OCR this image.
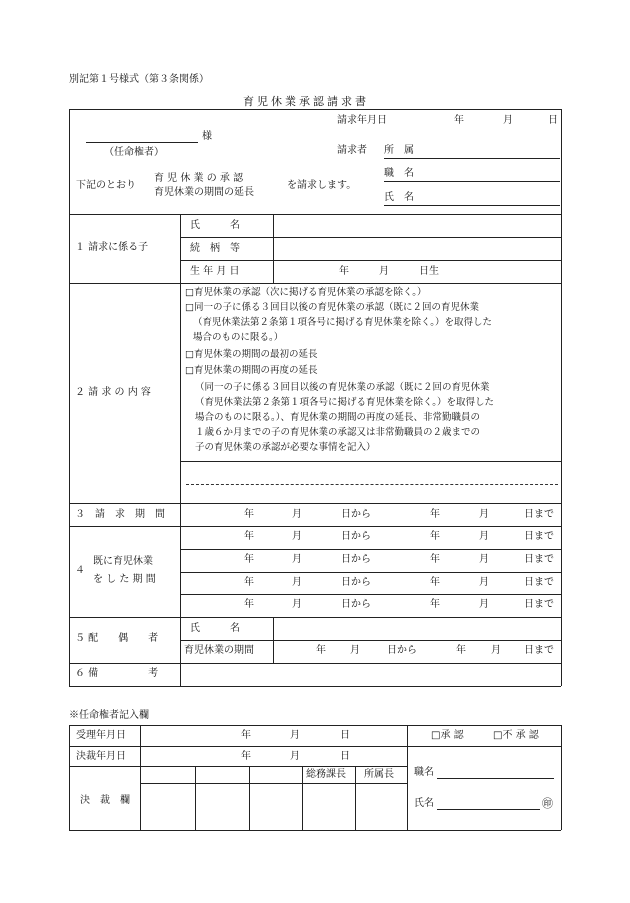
別記第１号様式（第３条関係）
育児休業承認請求書
様
（任命権者）
請求年月日	年	月	日
請求者 所　属
職　名
氏　名
下記のとおり
育 児 休 業 の 承 認
育児休業の期間の延長
を請求します。
１ 請求に係る子
氏　　　名
続　柄　等
生 年 月 日	年　　　月　　　日生
２ 請 求 の 内 容
□育児休業の承認（次に掲げる育児休業の承認を除く。）
□同一の子に係る３回目以後の育児休業の承認（既に２回の育児休業
（育児休業法第２条第１項各号に掲げる育児休業を除く。）を取得した
場合のものに限る。）
□育児休業の期間の最初の延長
□育児休業の期間の再度の延長
（同一の子に係る３回目以後の育児休業の承認（既に２回の育児休業
（育児休業法第２条第１項各号に掲げる育児休業を除く。）を取得した
場合のものに限る。）、育児休業の期間の再度の延長、非常勤職員の
１歳６か月までの子の育児休業の承認又は非常勤職員の２歳までの
子の育児休業の承認が必要な事情を記入）
３　請　求　期　間	年	月	日から	年	月	日まで
４
既に育児休業
を し た 期 間
年	月	日から	年	月	日まで
年	月	日から	年	月	日まで
年	月	日から	年	月	日まで
年	月	日から	年	月	日まで
５ 配　　偶　　者
氏　　　名
育児休業の期間	年 月	日から	年	月 日まで
６ 備　　　　　考
※任命権者記入欄
受理年月日	年	月	日
決裁年月日	年	月	日
総務課長 所属長
決　裁　欄
□承 認	□不 承 認
職名
氏名	㊞
